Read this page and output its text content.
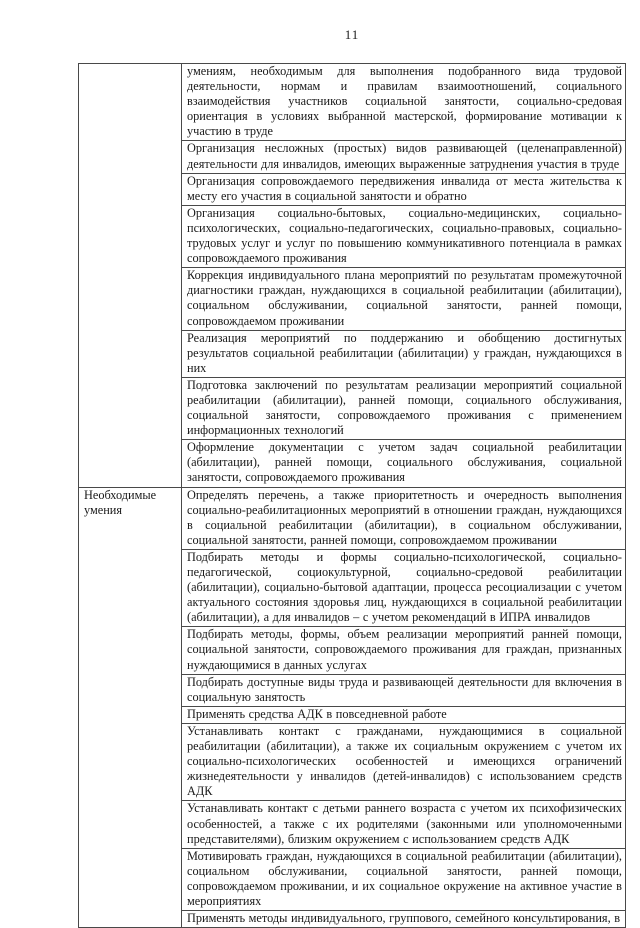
11
	умениям, необходимым для выполнения подобранного вида трудовой деятельности, нормам и правилам взаимоотношений, социального взаимодействия участников социальной занятости, социально-средовая ориентация в условиях выбранной мастерской, формирование мотивации к участию в труде
	Организация несложных (простых) видов развивающей (целенаправленной) деятельности для инвалидов, имеющих выраженные затруднения участия в труде
	Организация сопровождаемого передвижения инвалида от места жительства к месту его участия в социальной занятости и обратно
	Организация социально-бытовых, социально-медицинских, социально-психологических, социально-педагогических, социально-правовых, социально-трудовых услуг и услуг по повышению коммуникативного потенциала в рамках сопровождаемого проживания
	Коррекция индивидуального плана мероприятий по результатам промежуточной диагностики граждан, нуждающихся в социальной реабилитации (абилитации), социальном обслуживании, социальной занятости, ранней помощи, сопровождаемом проживании
	Реализация мероприятий по поддержанию и обобщению достигнутых результатов социальной реабилитации (абилитации) у граждан, нуждающихся в них
	Подготовка заключений по результатам реализации мероприятий социальной реабилитации (абилитации), ранней помощи, социального обслуживания, социальной занятости, сопровождаемого проживания с применением информационных технологий
	Оформление документации с учетом задач социальной реабилитации (абилитации), ранней помощи, социального обслуживания, социальной занятости, сопровождаемого проживания
Необходимые умения	Определять перечень, а также приоритетность и очередность выполнения социально-реабилитационных мероприятий в отношении граждан, нуждающихся в социальной реабилитации (абилитации), в социальном обслуживании, социальной занятости, ранней помощи, сопровождаемом проживании
	Подбирать методы и формы социально-психологической, социально-педагогической, социокультурной, социально-средовой реабилитации (абилитации), социально-бытовой адаптации, процесса ресоциализации с учетом актуального состояния здоровья лиц, нуждающихся в социальной реабилитации (абилитации), а для инвалидов – с учетом рекомендаций в ИПРА инвалидов
	Подбирать методы, формы, объем реализации мероприятий ранней помощи, социальной занятости, сопровождаемого проживания для граждан, признанных нуждающимися в данных услугах
	Подбирать доступные виды труда и развивающей деятельности для включения в социальную занятость
	Применять средства АДК в повседневной работе
	Устанавливать контакт с гражданами, нуждающимися в социальной реабилитации (абилитации), а также их социальным окружением с учетом их социально-психологических особенностей и имеющихся ограничений жизнедеятельности у инвалидов (детей-инвалидов) с использованием средств АДК
	Устанавливать контакт с детьми раннего возраста с учетом их психофизических особенностей, а также с их родителями (законными или уполномоченными представителями), близким окружением с использованием средств АДК
	Мотивировать граждан, нуждающихся в социальной реабилитации (абилитации), социальном обслуживании, социальной занятости, ранней помощи, сопровождаемом проживании, и их социальное окружение на активное участие в мероприятиях
	Применять методы индивидуального, группового, семейного консультирования, в
